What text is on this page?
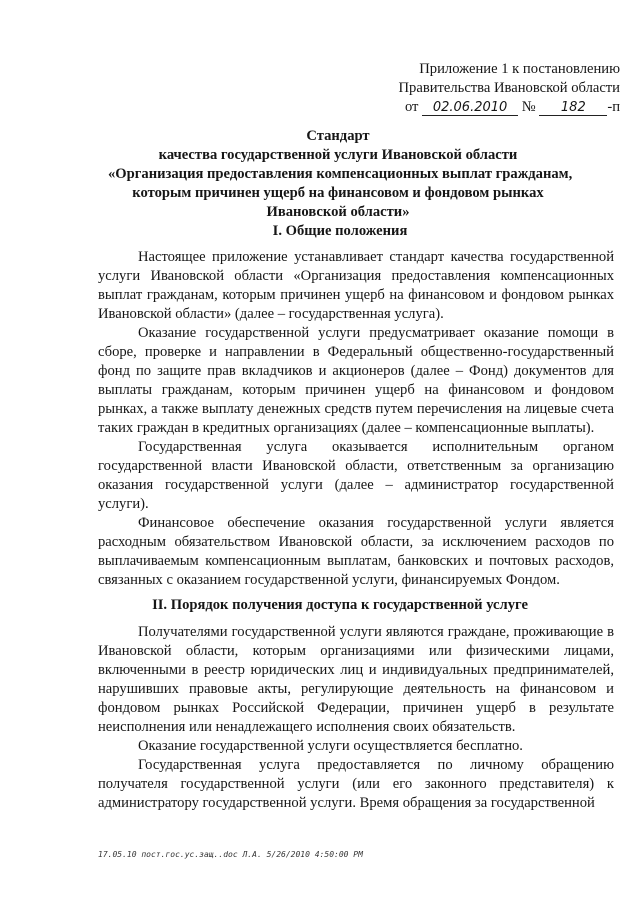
Приложение 1 к постановлению
Правительства Ивановской области
от 02.06.2010 № 182 -п
Стандарт
качества государственной услуги Ивановской области
«Организация предоставления компенсационных выплат гражданам,
которым причинен ущерб на финансовом и фондовом рынках
Ивановской области»
I. Общие положения

Настоящее приложение устанавливает стандарт качества государственной услуги Ивановской области «Организация предоставления компенсационных выплат гражданам, которым причинен ущерб на финансовом и фондовом рынках Ивановской области» (далее – государственная услуга).

Оказание государственной услуги предусматривает оказание помощи в сборе, проверке и направлении в Федеральный общественно-государственный фонд по защите прав вкладчиков и акционеров (далее – Фонд) документов для выплаты гражданам, которым причинен ущерб на финансовом и фондовом рынках, а также выплату денежных средств путем перечисления на лицевые счета таких граждан в кредитных организациях (далее – компенсационные выплаты).

Государственная услуга оказывается исполнительным органом государственной власти Ивановской области, ответственным за организацию оказания государственной услуги (далее – администратор государственной услуги).

Финансовое обеспечение оказания государственной услуги является расходным обязательством Ивановской области, за исключением расходов по выплачиваемым компенсационным выплатам, банковских и почтовых расходов, связанных с оказанием государственной услуги, финансируемых Фондом.

II. Порядок получения доступа к государственной услуге

Получателями государственной услуги являются граждане, проживающие в Ивановской области, которым организациями или физическими лицами, включенными в реестр юридических лиц и индивидуальных предпринимателей, нарушивших правовые акты, регулирующие деятельность на финансовом и фондовом рынках Российской Федерации, причинен ущерб в результате неисполнения или ненадлежащего исполнения своих обязательств.

Оказание государственной услуги осуществляется бесплатно.

Государственная услуга предоставляется по личному обращению получателя государственной услуги (или его законного представителя) к администратору государственной услуги. Время обращения за государственной

17.05.10 пост.гос.ус.защ..doc Л.А. 5/26/2010 4:50:00 PM
